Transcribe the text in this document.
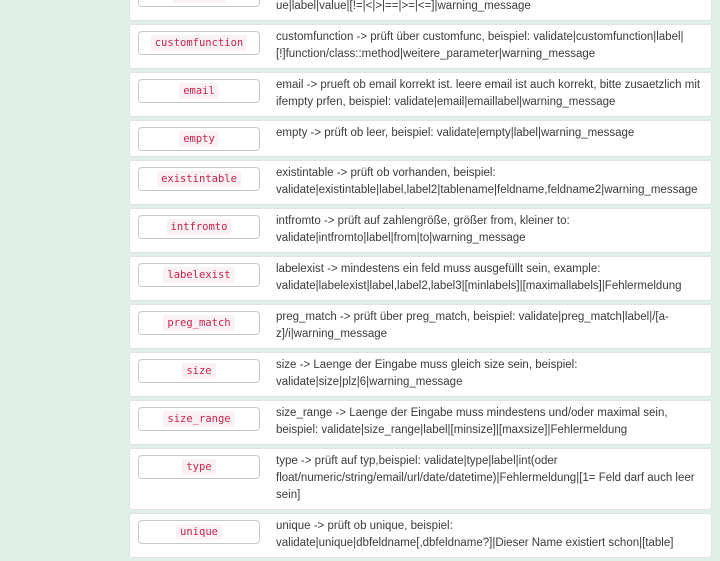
ue|label|value|[!=|<|>|==|>=|<=]|warning_message
customfunction	customfunction -> prüft über customfunc, beispiel: validate|customfunction|label|[!]function/class::method|weitere_parameter|warning_message
email	email -> prueft ob email korrekt ist. leere email ist auch korrekt, bitte zusaetzlich mit ifempty prfen, beispiel: validate|email|emaillabel|warning_message
empty	empty -> prüft ob leer, beispiel: validate|empty|label|warning_message
existintable	existintable -> prüft ob vorhanden, beispiel: validate|existintable|label,label2|tablename|feldname,feldname2|warning_message
intfromto	intfromto -> prüft auf zahlengröße, größer from, kleiner to: validate|intfromto|label|from|to|warning_message
labelexist	labelexist -> mindestens ein feld muss ausgefüllt sein, example: validate|labelexist|label,label2,label3|[minlabels]|[maximallabels]|Fehlermeldung
preg_match	preg_match -> prüft über preg_match, beispiel: validate|preg_match|label|/[a-z]/i|warning_message
size	size -> Laenge der Eingabe muss gleich size sein, beispiel: validate|size|plz|6|warning_message
size_range	size_range -> Laenge der Eingabe muss mindestens und/oder maximal sein, beispiel: validate|size_range|label|[minsize]|[maxsize]|Fehlermeldung
type	type -> prüft auf typ,beispiel: validate|type|label|int(oder float/numeric/string/email/url/date/datetime)|Fehlermeldung|[1= Feld darf auch leer sein]
unique	unique -> prüft ob unique, beispiel: validate|unique|dbfeldname[,dbfeldname?]|Dieser Name existiert schon|[table]
